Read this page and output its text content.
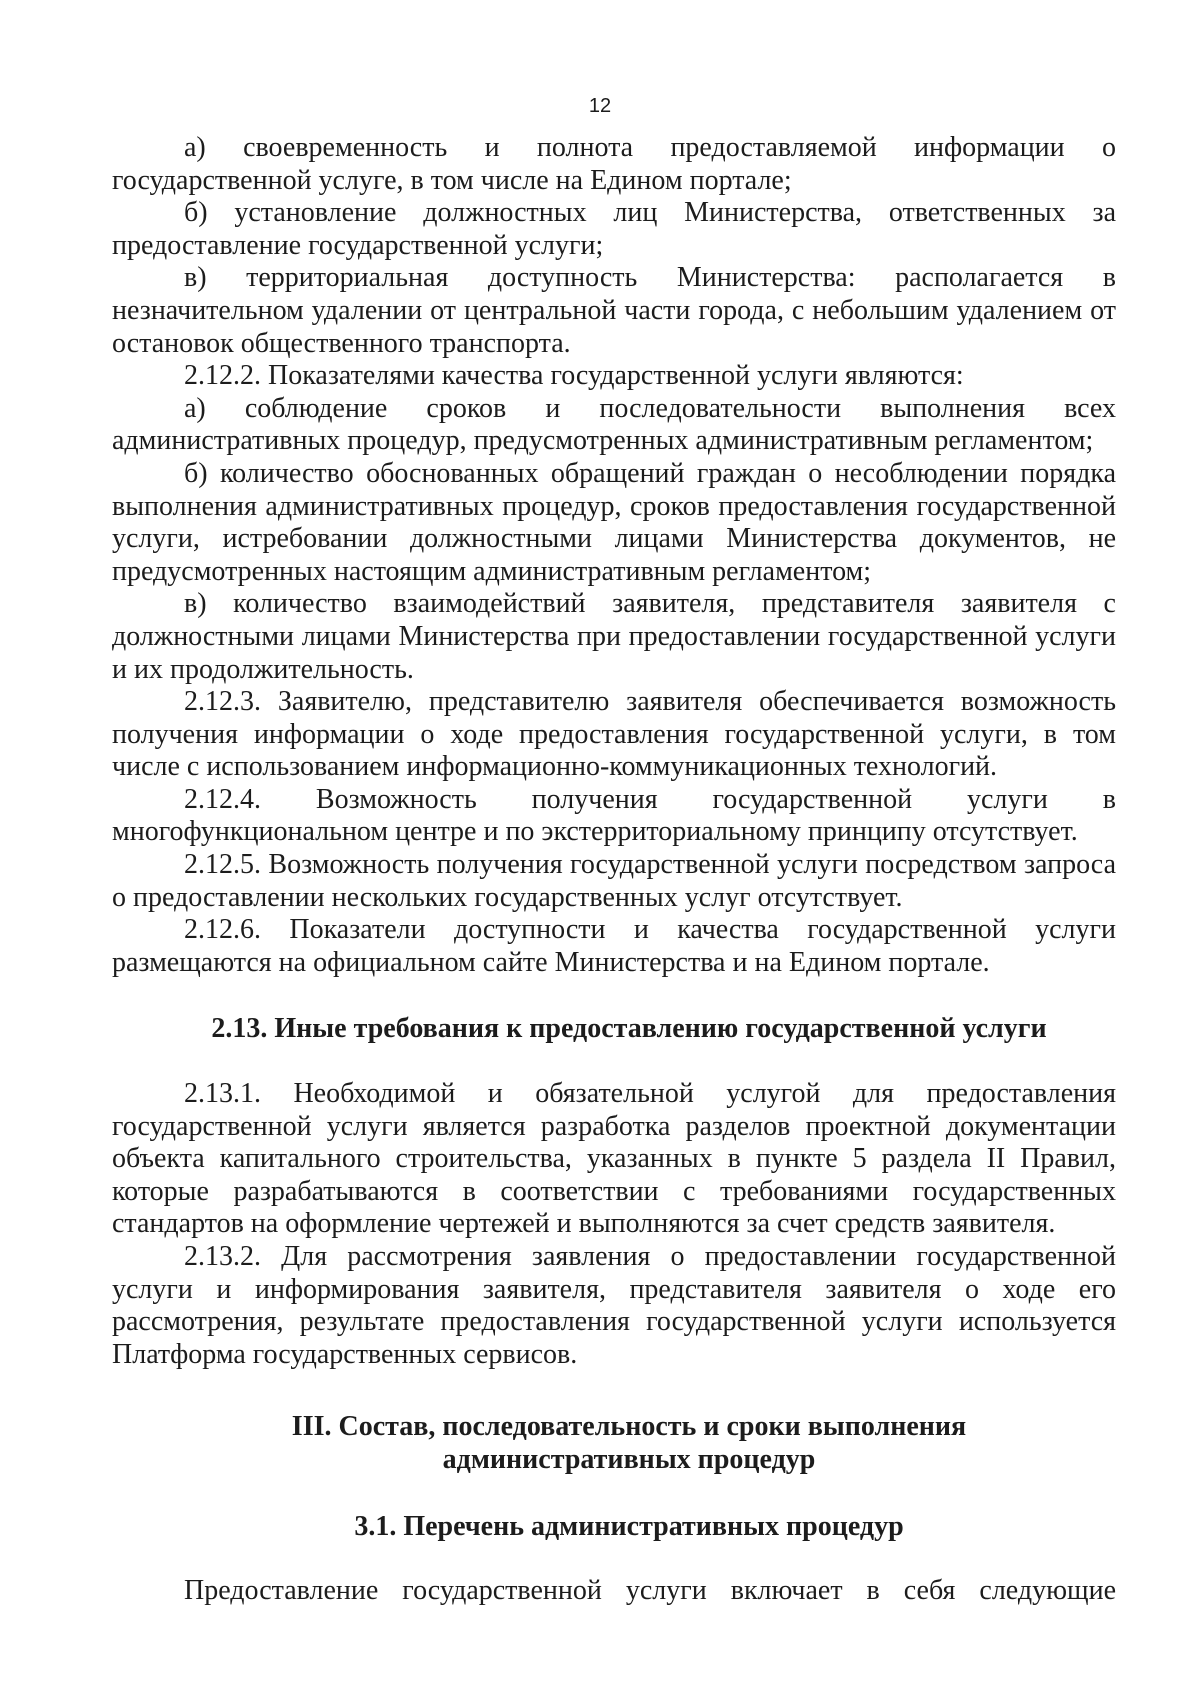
12

а) своевременность и полнота предоставляемой информации о государственной услуге, в том числе на Едином портале;

б) установление должностных лиц Министерства, ответственных за предоставление государственной услуги;

в) территориальная доступность Министерства: располагается в незначительном удалении от центральной части города, с небольшим удалением от остановок общественного транспорта.

2.12.2. Показателями качества государственной услуги являются:

а) соблюдение сроков и последовательности выполнения всех административных процедур, предусмотренных административным регламентом;

б) количество обоснованных обращений граждан о несоблюдении порядка выполнения административных процедур, сроков предоставления государственной услуги, истребовании должностными лицами Министерства документов, не предусмотренных настоящим административным регламентом;

в) количество взаимодействий заявителя, представителя заявителя с должностными лицами Министерства при предоставлении государственной услуги и их продолжительность.

2.12.3. Заявителю, представителю заявителя обеспечивается возможность получения информации о ходе предоставления государственной услуги, в том числе с использованием информационно-коммуникационных технологий.

2.12.4. Возможность получения государственной услуги в многофункциональном центре и по экстерриториальному принципу отсутствует.

2.12.5. Возможность получения государственной услуги посредством запроса о предоставлении нескольких государственных услуг отсутствует.

2.12.6. Показатели доступности и качества государственной услуги размещаются на официальном сайте Министерства и на Едином портале.

2.13. Иные требования к предоставлению государственной услуги

2.13.1. Необходимой и обязательной услугой для предоставления государственной услуги является разработка разделов проектной документации объекта капитального строительства, указанных в пункте 5 раздела II Правил, которые разрабатываются в соответствии с требованиями государственных стандартов на оформление чертежей и выполняются за счет средств заявителя.

2.13.2. Для рассмотрения заявления о предоставлении государственной услуги и информирования заявителя, представителя заявителя о ходе его рассмотрения, результате предоставления государственной услуги используется Платформа государственных сервисов.

III. Состав, последовательность и сроки выполнения

административных процедур

3.1. Перечень административных процедур

Предоставление государственной услуги включает в себя следующие
